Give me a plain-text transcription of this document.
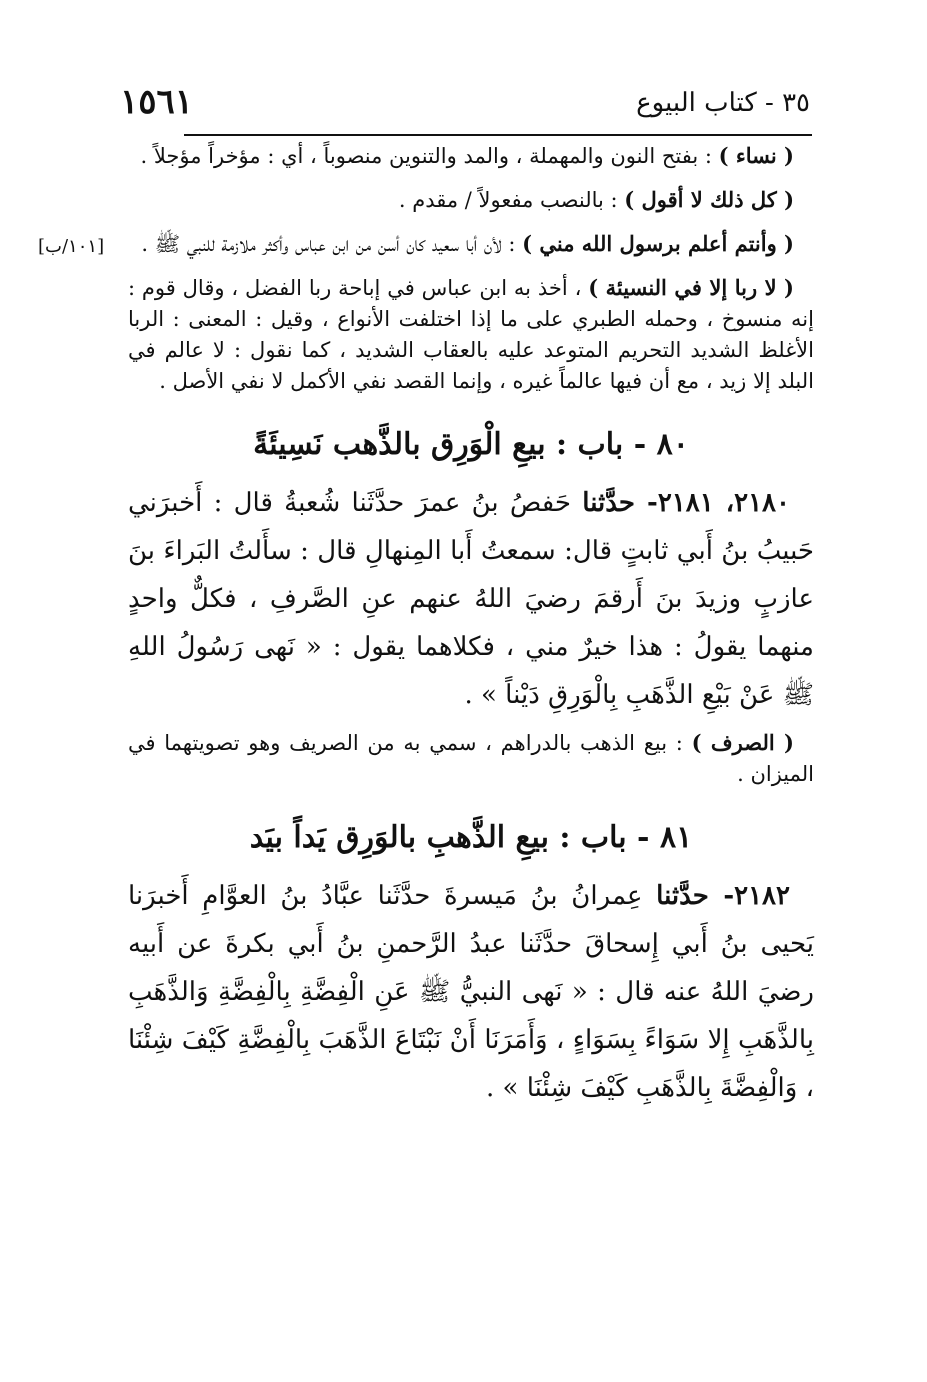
٣٥ - كتاب البيوع
١٥٦١
[١٠١/ب]

( نساء ) : بفتح النون والمهملة ، والمد والتنوين منصوباً ، أي : مؤخراً مؤجلاً .

( كل ذلك لا أقول ) : بالنصب مفعولاً / مقدم .

( وأنتم أعلم برسول الله مني ) : لأن أبا سعيد كان أسن من ابن عباس وأكثر ملازمة للنبي ﷺ .

( لا ربا إلا في النسيئة ) ، أخذ به ابن عباس في إباحة ربا الفضل ، وقال قوم : إنه منسوخ ، وحمله الطبري على ما إذا اختلفت الأنواع ، وقيل : المعنى : الربا الأغلظ الشديد التحريم المتوعد عليه بالعقاب الشديد ، كما نقول : لا عالم في البلد إلا زيد ، مع أن فيها عالماً غيره ، وإنما القصد نفي الأكمل لا نفي الأصل .

٨٠ - باب : بيعِ الْوَرِق بالذَّهب نَسِيئَةً

٢١٨٠، ٢١٨١- حدَّثنا حَفصُ بنُ عمرَ حدَّثَنا شُعبةُ قال : أَخبرَني حَبيبُ بنُ أَبي ثابتٍ قال: سمعتُ أَبا المِنهالِ قال : سأَلتُ البَراءَ بنَ عازبٍ وزيدَ بنَ أَرقمَ رضيَ اللهُ عنهم عنِ الصَّرفِ ، فكلٌّ واحدٍ منهما يقولُ : هذا خيرٌ مني ، فكلاهما يقول : « نَهى رَسُولُ اللهِ ﷺ عَنْ بَيْعِ الذَّهَبِ بِالْوَرِقِ دَيْناً » .

( الصرف ) : بيع الذهب بالدراهم ، سمي به من الصريف وهو تصويتهما في الميزان .

٨١ - باب : بيعِ الذَّهبِ بالوَرِق يَداً بيَد

٢١٨٢- حدَّثنا عِمرانُ بنُ مَيسرةَ حدَّثَنا عبَّادُ بنُ العوَّامِ أَخبرَنا يَحيى بنُ أَبي إِسحاقَ حدَّثَنا عبدُ الرَّحمنِ بنُ أَبي بكرةَ عن أَبيه رضيَ اللهُ عنه قال : « نَهى النبيُّ ﷺ عَنِ الْفِضَّةِ بِالْفِضَّةِ وَالذَّهَبِ بِالذَّهَبِ إِلا سَوَاءً بِسَوَاءٍ ، وَأَمَرَنَا أَنْ نَبْتَاعَ الذَّهَبَ بِالْفِضَّةِ كَيْفَ شِئْنَا ، وَالْفِضَّةَ بِالذَّهَبِ كَيْفَ شِئْنَا » .
